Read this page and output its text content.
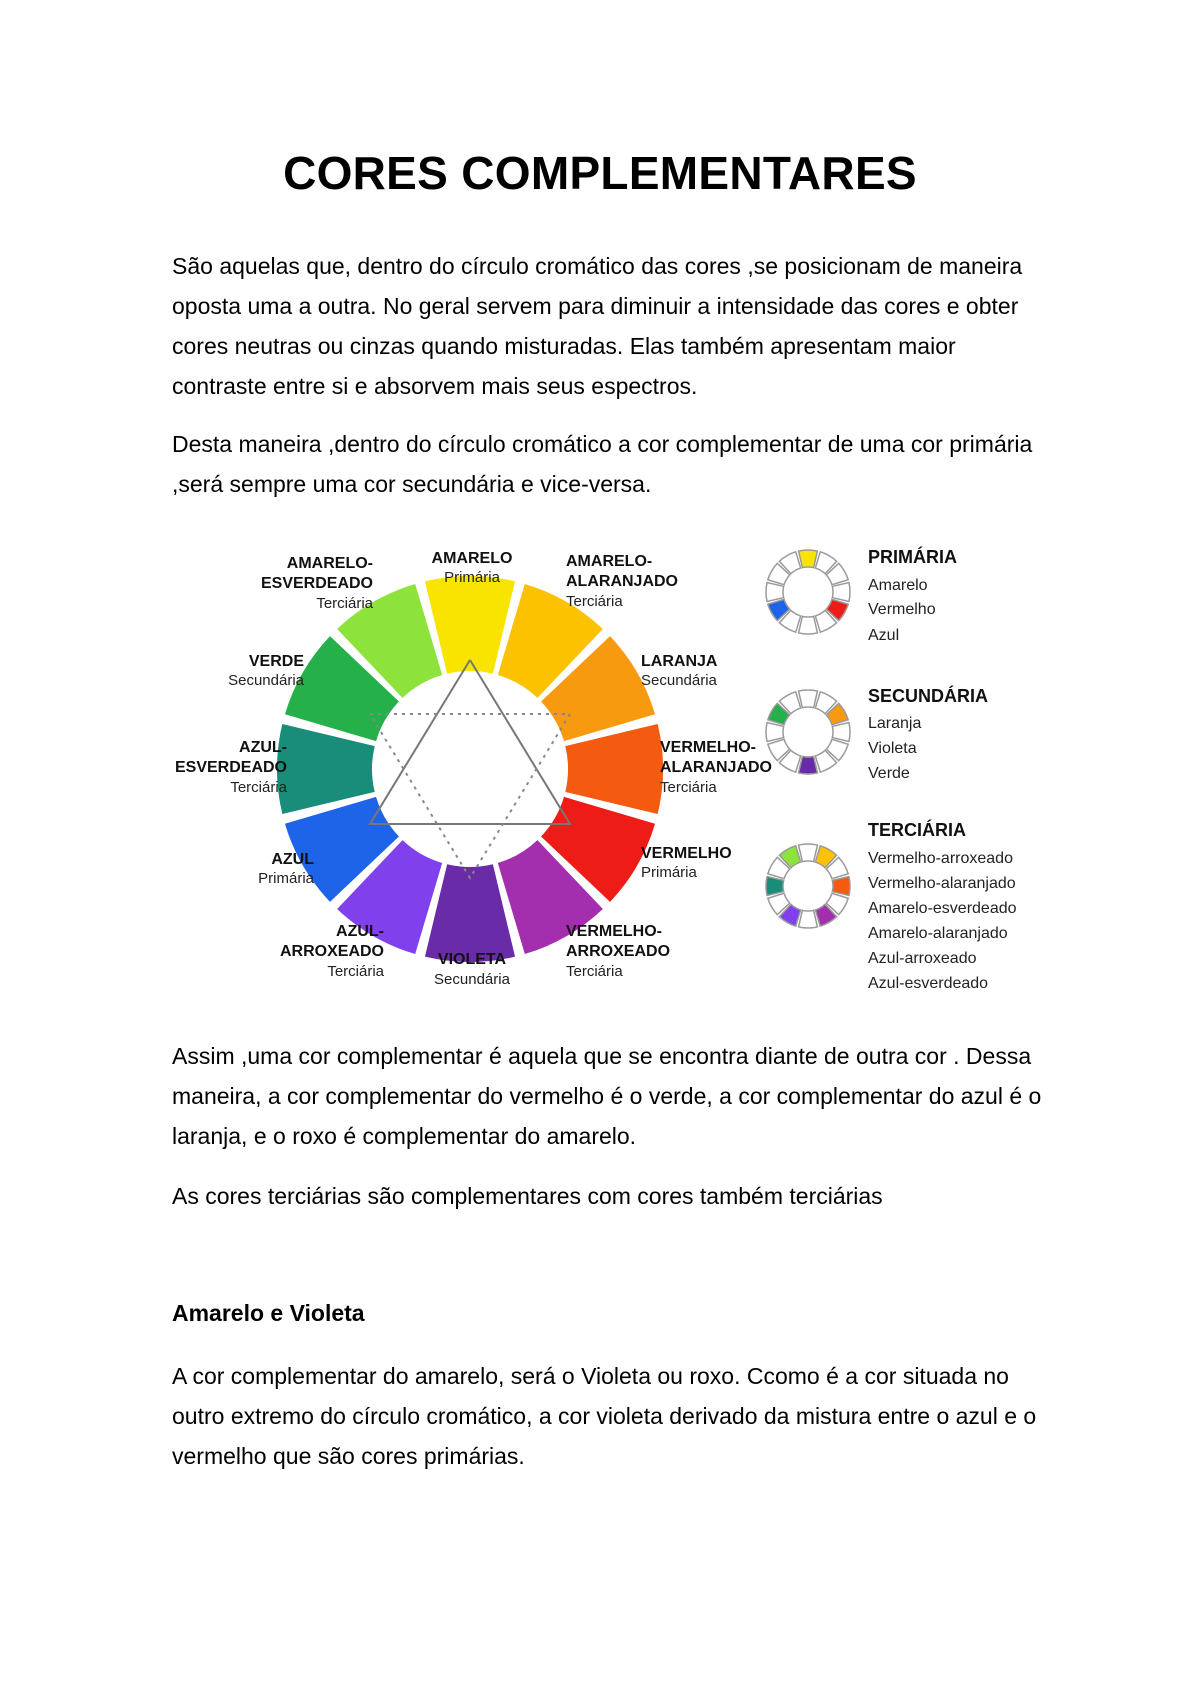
CORES COMPLEMENTARES

São aquelas que, dentro do círculo cromático das cores ,se posicionam de maneira oposta uma a outra. No geral servem para diminuir a intensidade das cores e obter cores neutras ou cinzas quando misturadas. Elas também apresentam maior contraste entre si e absorvem mais seus espectros.

Desta maneira ,dentro do círculo cromático a cor complementar de uma cor primária ,será sempre uma cor secundária e vice-versa.

AMARELO
Primária
AMARELO-
ALARANJADO
Terciária
LARANJA
Secundária
VERMELHO-
ALARANJADO
Terciária
VERMELHO
Primária
VERMELHO-
ARROXEADO
Terciária
VIOLETA
Secundária
AZUL-
ARROXEADO
Terciária
AZUL
Primária
AZUL-
ESVERDEADO
Terciária
VERDE
Secundária
AMARELO-
ESVERDEADO
Terciária
PRIMÁRIA
Amarelo
Vermelho
Azul
SECUNDÁRIA
Laranja
Violeta
Verde
TERCIÁRIA
Vermelho-arroxeado
Vermelho-alaranjado
Amarelo-esverdeado
Amarelo-alaranjado
Azul-arroxeado
Azul-esverdeado

Assim ,uma cor complementar é aquela que se encontra diante de outra cor . Dessa maneira, a cor complementar do vermelho é o verde, a cor complementar do azul é o laranja, e o roxo é complementar do amarelo.

As cores terciárias são complementares com cores também terciárias

Amarelo e Violeta

A cor complementar do amarelo, será o Violeta ou roxo. Ccomo é a cor situada no outro extremo do círculo cromático, a cor violeta derivado da mistura entre o azul e o vermelho que são cores primárias.
